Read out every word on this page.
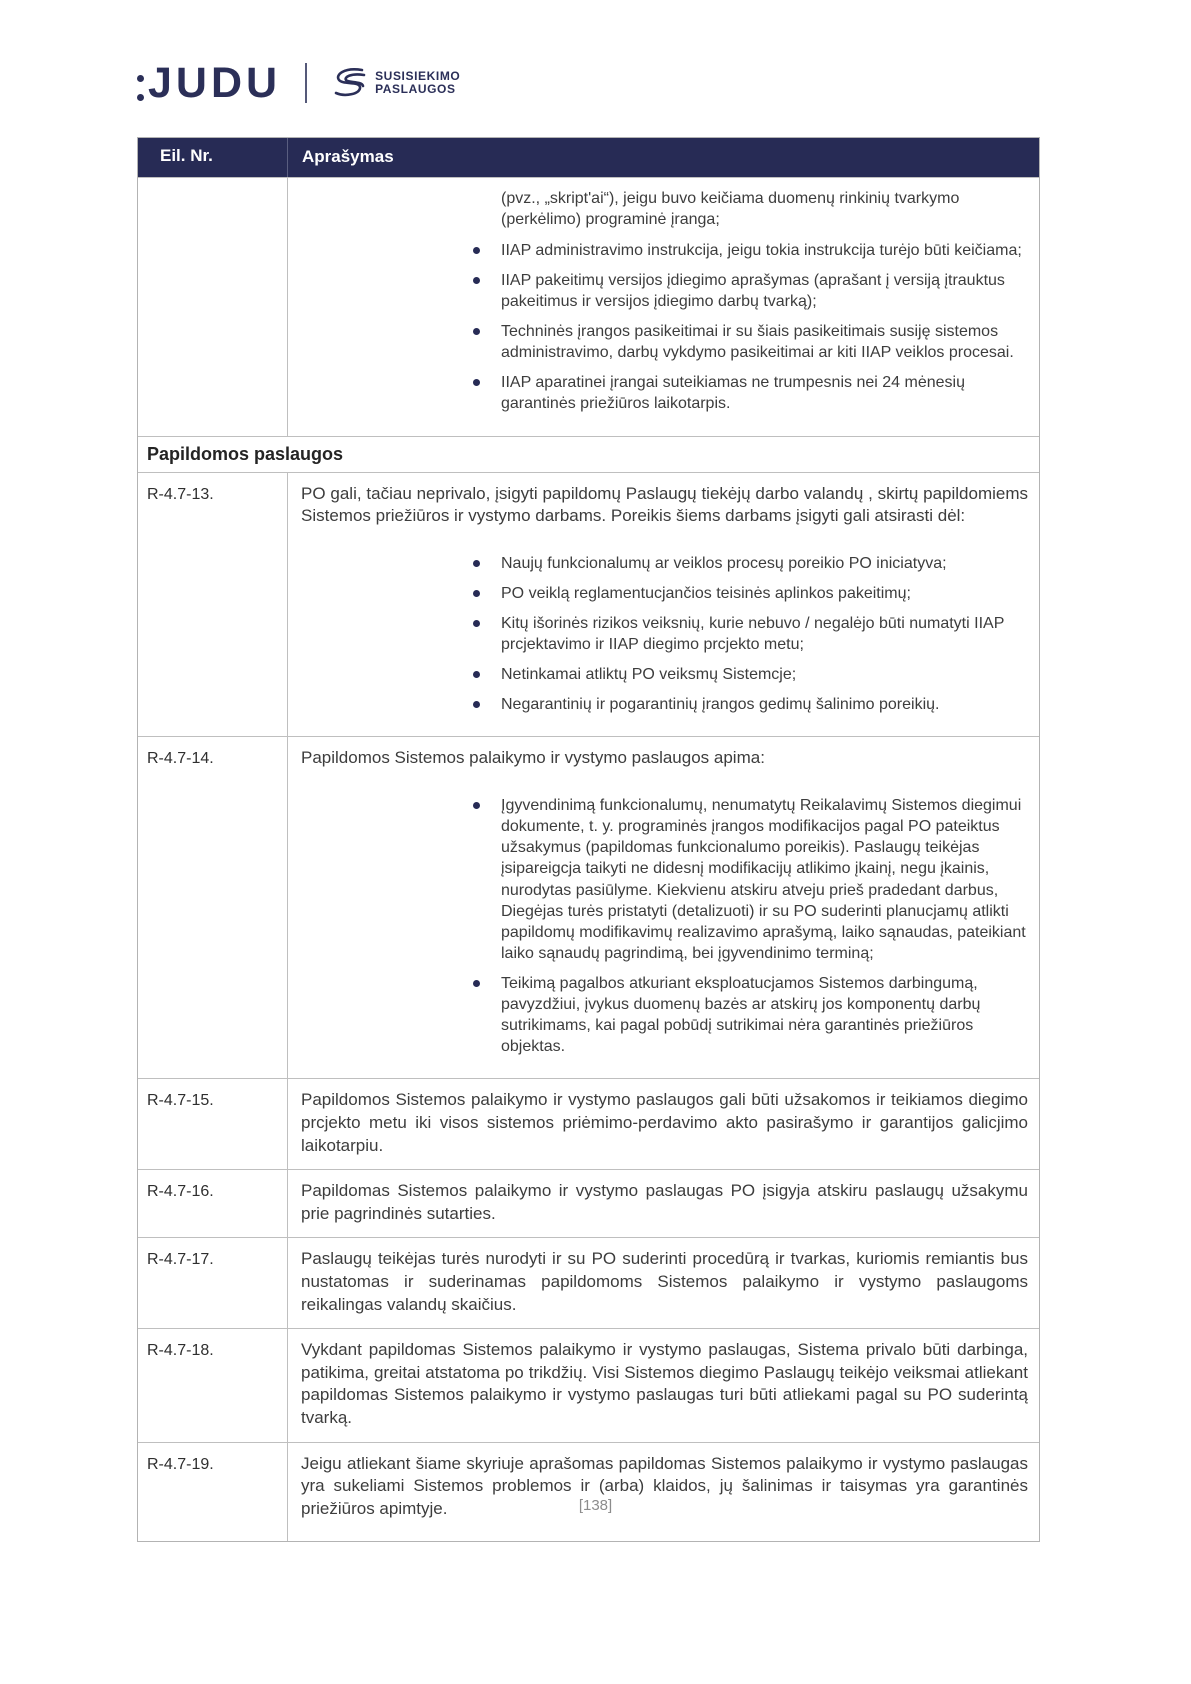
JUDU	SUSISIEKIMO
PASLAUGOS
Eil. Nr.	Aprašymas
(pvz., „skript'ai“), jeigu buvo keičiama duomenų rinkinių tvarkymo (perkėlimo) programinė įranga;
IIAP administravimo instrukcija, jeigu tokia instrukcija turėjo būti keičiama;
IIAP pakeitimų versijos įdiegimo aprašymas (aprašant į versiją įtrauktus pakeitimus ir versijos įdiegimo darbų tvarką);
Techninės įrangos pasikeitimai ir su šiais pasikeitimais susiję sistemos administravimo, darbų vykdymo pasikeitimai ar kiti IIAP veiklos procesai.
IIAP aparatinei įrangai suteikiamas ne trumpesnis nei 24 mėnesių garantinės priežiūros laikotarpis.
Papildomos paslaugos
R-4.7-13.	PO gali, tačiau neprivalo, įsigyti papildomų Paslaugų tiekėjų darbo valandų , skirtų papildomiems Sistemos priežiūros ir vystymo darbams. Poreikis šiems darbams įsigyti gali atsirasti dėl:
Naujų funkcionalumų ar veiklos procesų poreikio PO iniciatyva;
PO veiklą reglamentucjančios teisinės aplinkos pakeitimų;
Kitų išorinės rizikos veiksnių, kurie nebuvo / negalėjo būti numatyti IIAP prcjektavimo ir IIAP diegimo prcjekto metu;
Netinkamai atliktų PO veiksmų Sistemcje;
Negarantinių ir pogarantinių įrangos gedimų šalinimo poreikių.
R-4.7-14.	Papildomos Sistemos palaikymo ir vystymo paslaugos apima:
Įgyvendinimą funkcionalumų, nenumatytų Reikalavimų Sistemos diegimui dokumente, t. y. programinės įrangos modifikacijos pagal PO pateiktus užsakymus (papildomas funkcionalumo poreikis). Paslaugų teikėjas įsipareigcja taikyti ne didesnį modifikacijų atlikimo įkainį, negu įkainis, nurodytas pasiūlyme. Kiekvienu atskiru atveju prieš pradedant darbus, Diegėjas turės pristatyti (detalizuoti) ir su PO suderinti planucjamų atlikti papildomų modifikavimų realizavimo aprašymą, laiko sąnaudas, pateikiant laiko sąnaudų pagrindimą, bei įgyvendinimo terminą;
Teikimą pagalbos atkuriant eksploatucjamos Sistemos darbingumą, pavyzdžiui, įvykus duomenų bazės ar atskirų jos komponentų darbų sutrikimams, kai pagal pobūdį sutrikimai nėra garantinės priežiūros objektas.
R-4.7-15.	Papildomos Sistemos palaikymo ir vystymo paslaugos gali būti užsakomos ir teikiamos diegimo prcjekto metu iki visos sistemos priėmimo-perdavimo akto pasirašymo ir garantijos galicjimo laikotarpiu.
R-4.7-16.	Papildomas Sistemos palaikymo ir vystymo paslaugas PO įsigyja atskiru paslaugų užsakymu prie pagrindinės sutarties.
R-4.7-17.	Paslaugų teikėjas turės nurodyti ir su PO suderinti procedūrą ir tvarkas, kuriomis remiantis bus nustatomas ir suderinamas papildomoms Sistemos palaikymo ir vystymo paslaugoms reikalingas valandų skaičius.
R-4.7-18.	Vykdant papildomas Sistemos palaikymo ir vystymo paslaugas, Sistema privalo būti darbinga, patikima, greitai atstatoma po trikdžių. Visi Sistemos diegimo Paslaugų teikėjo veiksmai atliekant papildomas Sistemos palaikymo ir vystymo paslaugas turi būti atliekami pagal su PO suderintą tvarką.
R-4.7-19.	Jeigu atliekant šiame skyriuje aprašomas papildomas Sistemos palaikymo ir vystymo paslaugas yra sukeliami Sistemos problemos ir (arba) klaidos, jų šalinimas ir taisymas yra garantinės priežiūros apimtyje.	[138]
